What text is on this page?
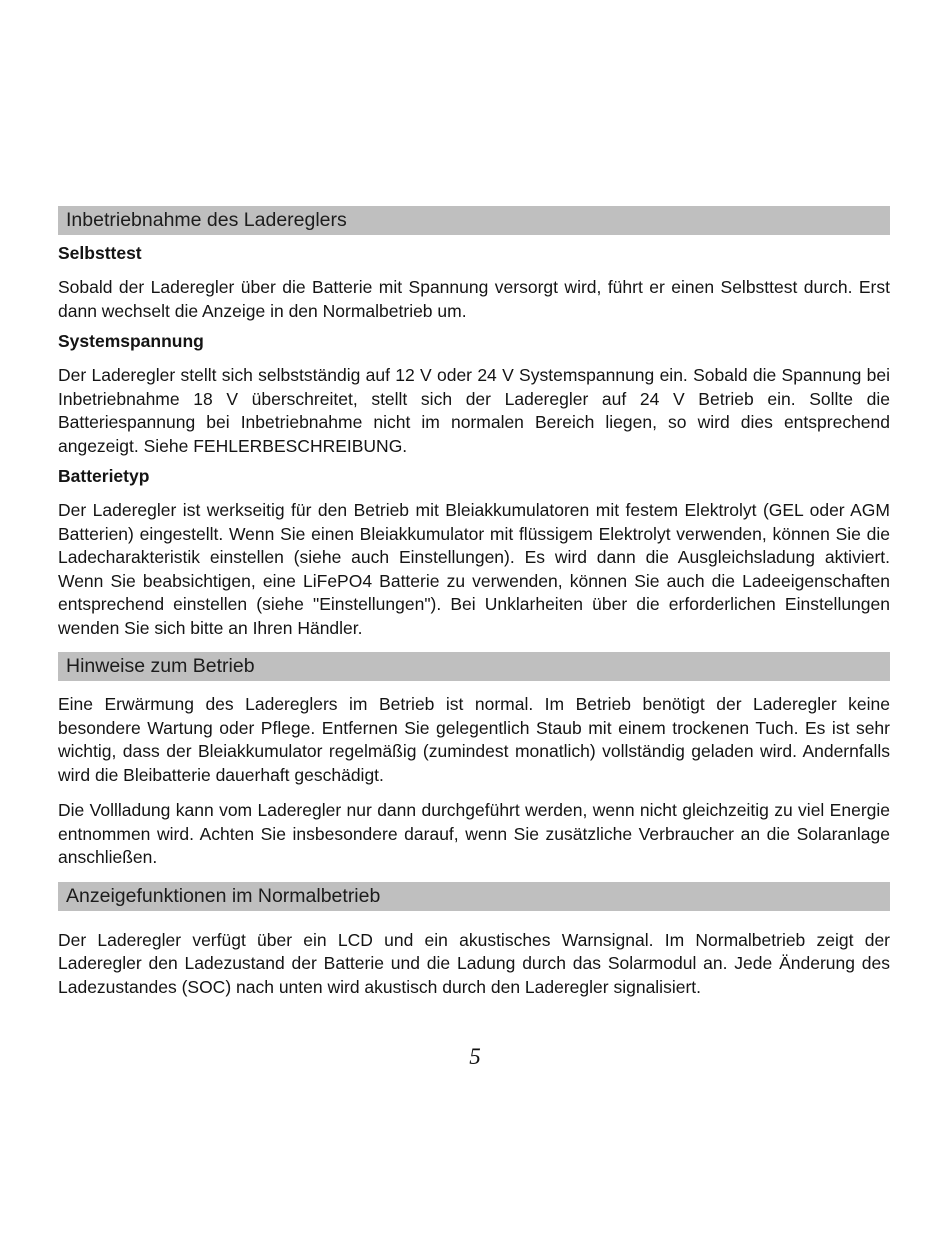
Inbetriebnahme des Ladereglers
Selbsttest

Sobald der Laderegler über die Batterie mit Spannung versorgt wird, führt er einen Selbsttest durch. Erst dann wechselt die Anzeige in den Normalbetrieb um.

Systemspannung

Der Laderegler stellt sich selbstständig auf 12 V oder 24 V Systemspannung ein. Sobald die Spannung bei Inbetriebnahme 18 V überschreitet, stellt sich der Laderegler auf 24 V Betrieb ein. Sollte die Batteriespannung bei Inbetriebnahme nicht im normalen Bereich liegen, so wird dies entsprechend angezeigt. Siehe FEHLERBESCHREIBUNG.

Batterietyp

Der Laderegler ist werkseitig für den Betrieb mit Bleiakkumulatoren mit festem Elektrolyt (GEL oder AGM Batterien) eingestellt. Wenn Sie einen Bleiakkumulator mit flüssigem Elektrolyt verwenden, können Sie die Ladecharakteristik einstellen (siehe auch Einstellungen). Es wird dann die Ausgleichsladung aktiviert. Wenn Sie beabsichtigen, eine LiFePO4 Batterie zu verwenden, können Sie auch die Ladeeigenschaften entsprechend einstellen (siehe "Einstellungen"). Bei Unklarheiten über die erforderlichen Einstellungen wenden Sie sich bitte an Ihren Händler.

Hinweise zum Betrieb

Eine Erwärmung des Ladereglers im Betrieb ist normal. Im Betrieb benötigt der Laderegler keine besondere Wartung oder Pflege. Entfernen Sie gelegentlich Staub mit einem trockenen Tuch. Es ist sehr wichtig, dass der Bleiakkumulator regelmäßig (zumindest monatlich) vollständig geladen wird. Andernfalls wird die Bleibatterie dauerhaft geschädigt.

Die Vollladung kann vom Laderegler nur dann durchgeführt werden, wenn nicht gleichzeitig zu viel Energie entnommen wird. Achten Sie insbesondere darauf, wenn Sie zusätzliche Verbraucher an die Solaranlage anschließen.

Anzeigefunktionen im Normalbetrieb

Der Laderegler verfügt über ein LCD und ein akustisches Warnsignal. Im Normalbetrieb zeigt der Laderegler den Ladezustand der Batterie und die Ladung durch das Solarmodul an. Jede Änderung des Ladezustandes (SOC) nach unten wird akustisch durch den Laderegler signalisiert.

5
